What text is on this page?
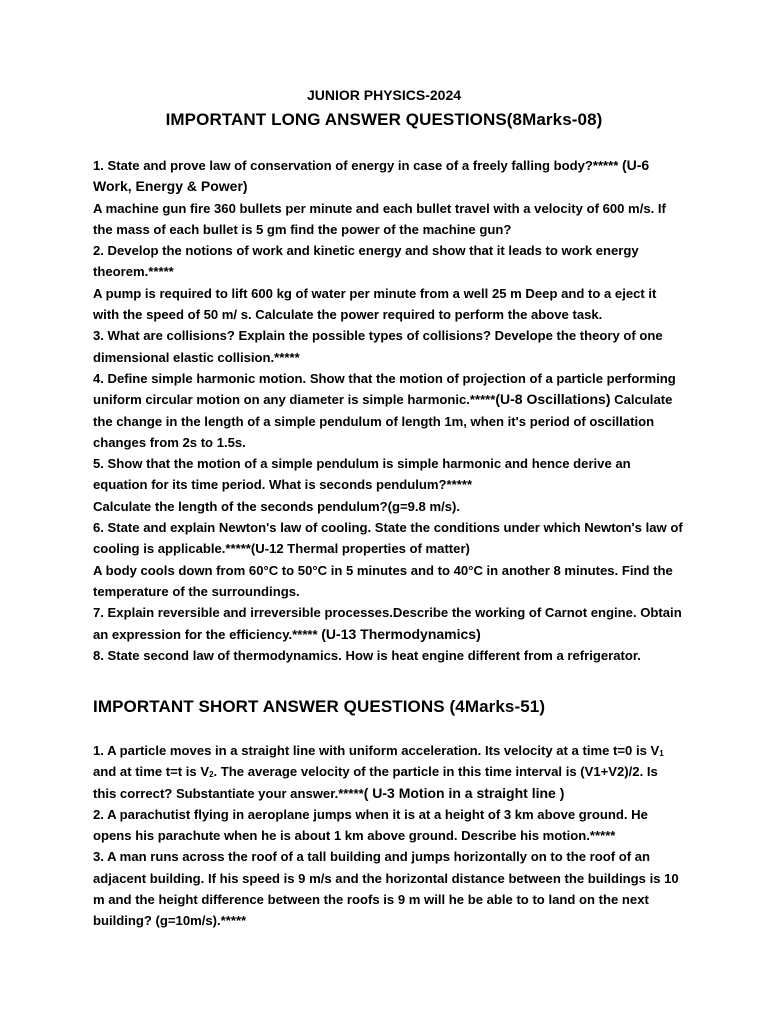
JUNIOR PHYSICS-2024
IMPORTANT LONG ANSWER QUESTIONS(8Marks-08)
1. State and prove law of conservation of energy in case of a freely falling body?***** (U-6
Work, Energy & Power)
A machine gun fire 360 bullets per minute and each bullet travel with a velocity of 600 m/s. If
the mass of each bullet is 5 gm find the power of the machine gun?
2. Develop the notions of work and kinetic energy and show that it leads to work energy
theorem.*****
A pump is required to lift 600 kg of water per minute from a well 25 m Deep and to a eject it
with the speed of 50 m/ s. Calculate the power required to perform the above task.
3. What are collisions? Explain the possible types of collisions? Develope the theory of one
dimensional elastic collision.*****
4. Define simple harmonic motion. Show that the motion of projection of a particle performing
uniform circular motion on any diameter is simple harmonic.*****(U-8 Oscillations) Calculate
the change in the length of a simple pendulum of length 1m, when it's period of oscillation
changes from 2s to 1.5s.
5. Show that the motion of a simple pendulum is simple harmonic and hence derive an
equation for its time period. What is seconds pendulum?*****
Calculate the length of the seconds pendulum?(g=9.8 m/s).
6. State and explain Newton's law of cooling. State the conditions under which Newton's law of
cooling is applicable.*****(U-12 Thermal properties of matter)
A body cools down from 60°C to 50°C in 5 minutes and to 40°C in another 8 minutes. Find the
temperature of the surroundings.
7. Explain reversible and irreversible processes.Describe the working of Carnot engine. Obtain
an expression for the efficiency.***** (U-13 Thermodynamics)
8. State second law of thermodynamics. How is heat engine different from a refrigerator.
IMPORTANT SHORT ANSWER QUESTIONS (4Marks-51)
1. A particle moves in a straight line with uniform acceleration. Its velocity at a time t=0 is $V_1$
and at time t=t is $V_2$. The average velocity of the particle in this time interval is (V1+V2)/2. Is
this correct? Substantiate your answer.*****( U-3 Motion in a straight line )
2. A parachutist flying in aeroplane jumps when it is at a height of 3 km above ground. He
opens his parachute when he is about 1 km above ground. Describe his motion.*****
3. A man runs across the roof of a tall building and jumps horizontally on to the roof of an
adjacent building. If his speed is 9 m/s and the horizontal distance between the buildings is 10
m and the height difference between the roofs is 9 m will he be able to to land on the next
building? (g=10m/s).*****
